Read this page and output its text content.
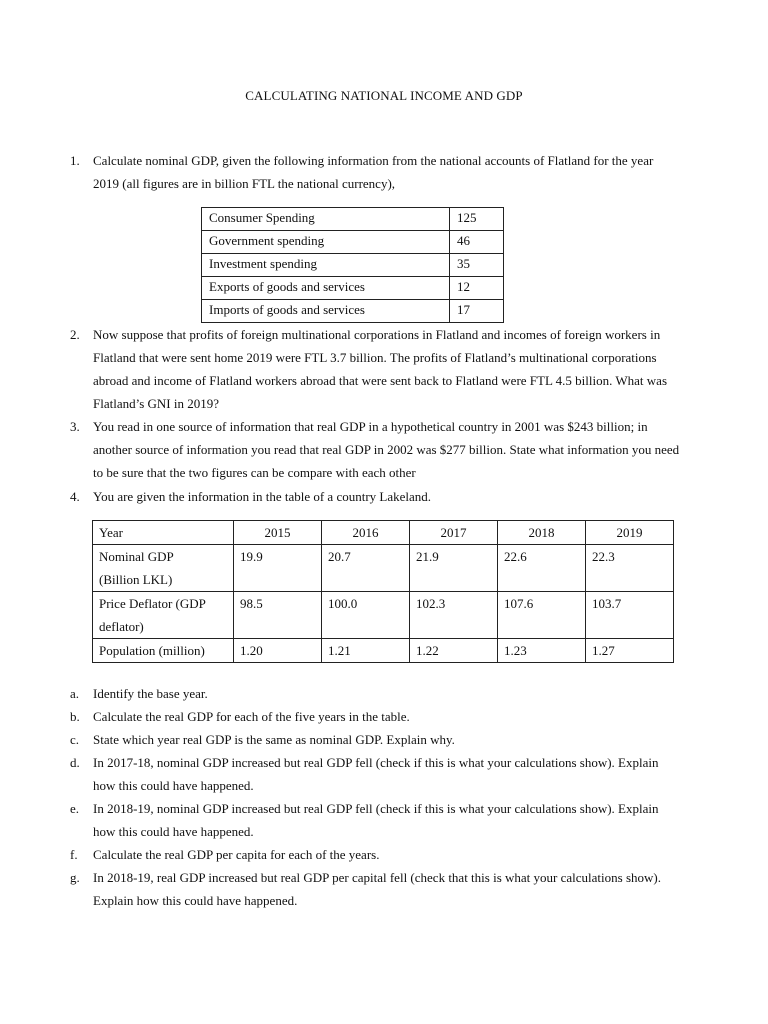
CALCULATING NATIONAL INCOME AND GDP
1. Calculate nominal GDP, given the following information from the national accounts of Flatland for the year 2019 (all figures are in billion FTL the national currency),
Consumer Spending	125
Government spending	46
Investment spending	35
Exports of goods and services	12
Imports of goods and services	17
2. Now suppose that profits of foreign multinational corporations in Flatland and incomes of foreign workers in Flatland that were sent home 2019 were FTL 3.7 billion. The profits of Flatland’s multinational corporations abroad and income of Flatland workers abroad that were sent back to Flatland were FTL 4.5 billion. What was Flatland’s GNI in 2019?
3. You read in one source of information that real GDP in a hypothetical country in 2001 was $243 billion; in another source of information you read that real GDP in 2002 was $277 billion. State what information you need to be sure that the two figures can be compare with each other
4. You are given the information in the table of a country Lakeland.
Year	2015	2016	2017	2018	2019
Nominal GDP
(Billion LKL)	19.9	20.7	21.9	22.6	22.3
Price Deflator (GDP
deflator)	98.5	100.0	102.3	107.6	103.7
Population (million)	1.20	1.21	1.22	1.23	1.27
a. Identify the base year.
b. Calculate the real GDP for each of the five years in the table.
c. State which year real GDP is the same as nominal GDP. Explain why.
d. In 2017-18, nominal GDP increased but real GDP fell (check if this is what your calculations show). Explain how this could have happened.
e. In 2018-19, nominal GDP increased but real GDP fell (check if this is what your calculations show). Explain how this could have happened.
f. Calculate the real GDP per capita for each of the years.
g. In 2018-19, real GDP increased but real GDP per capital fell (check that this is what your calculations show). Explain how this could have happened.
